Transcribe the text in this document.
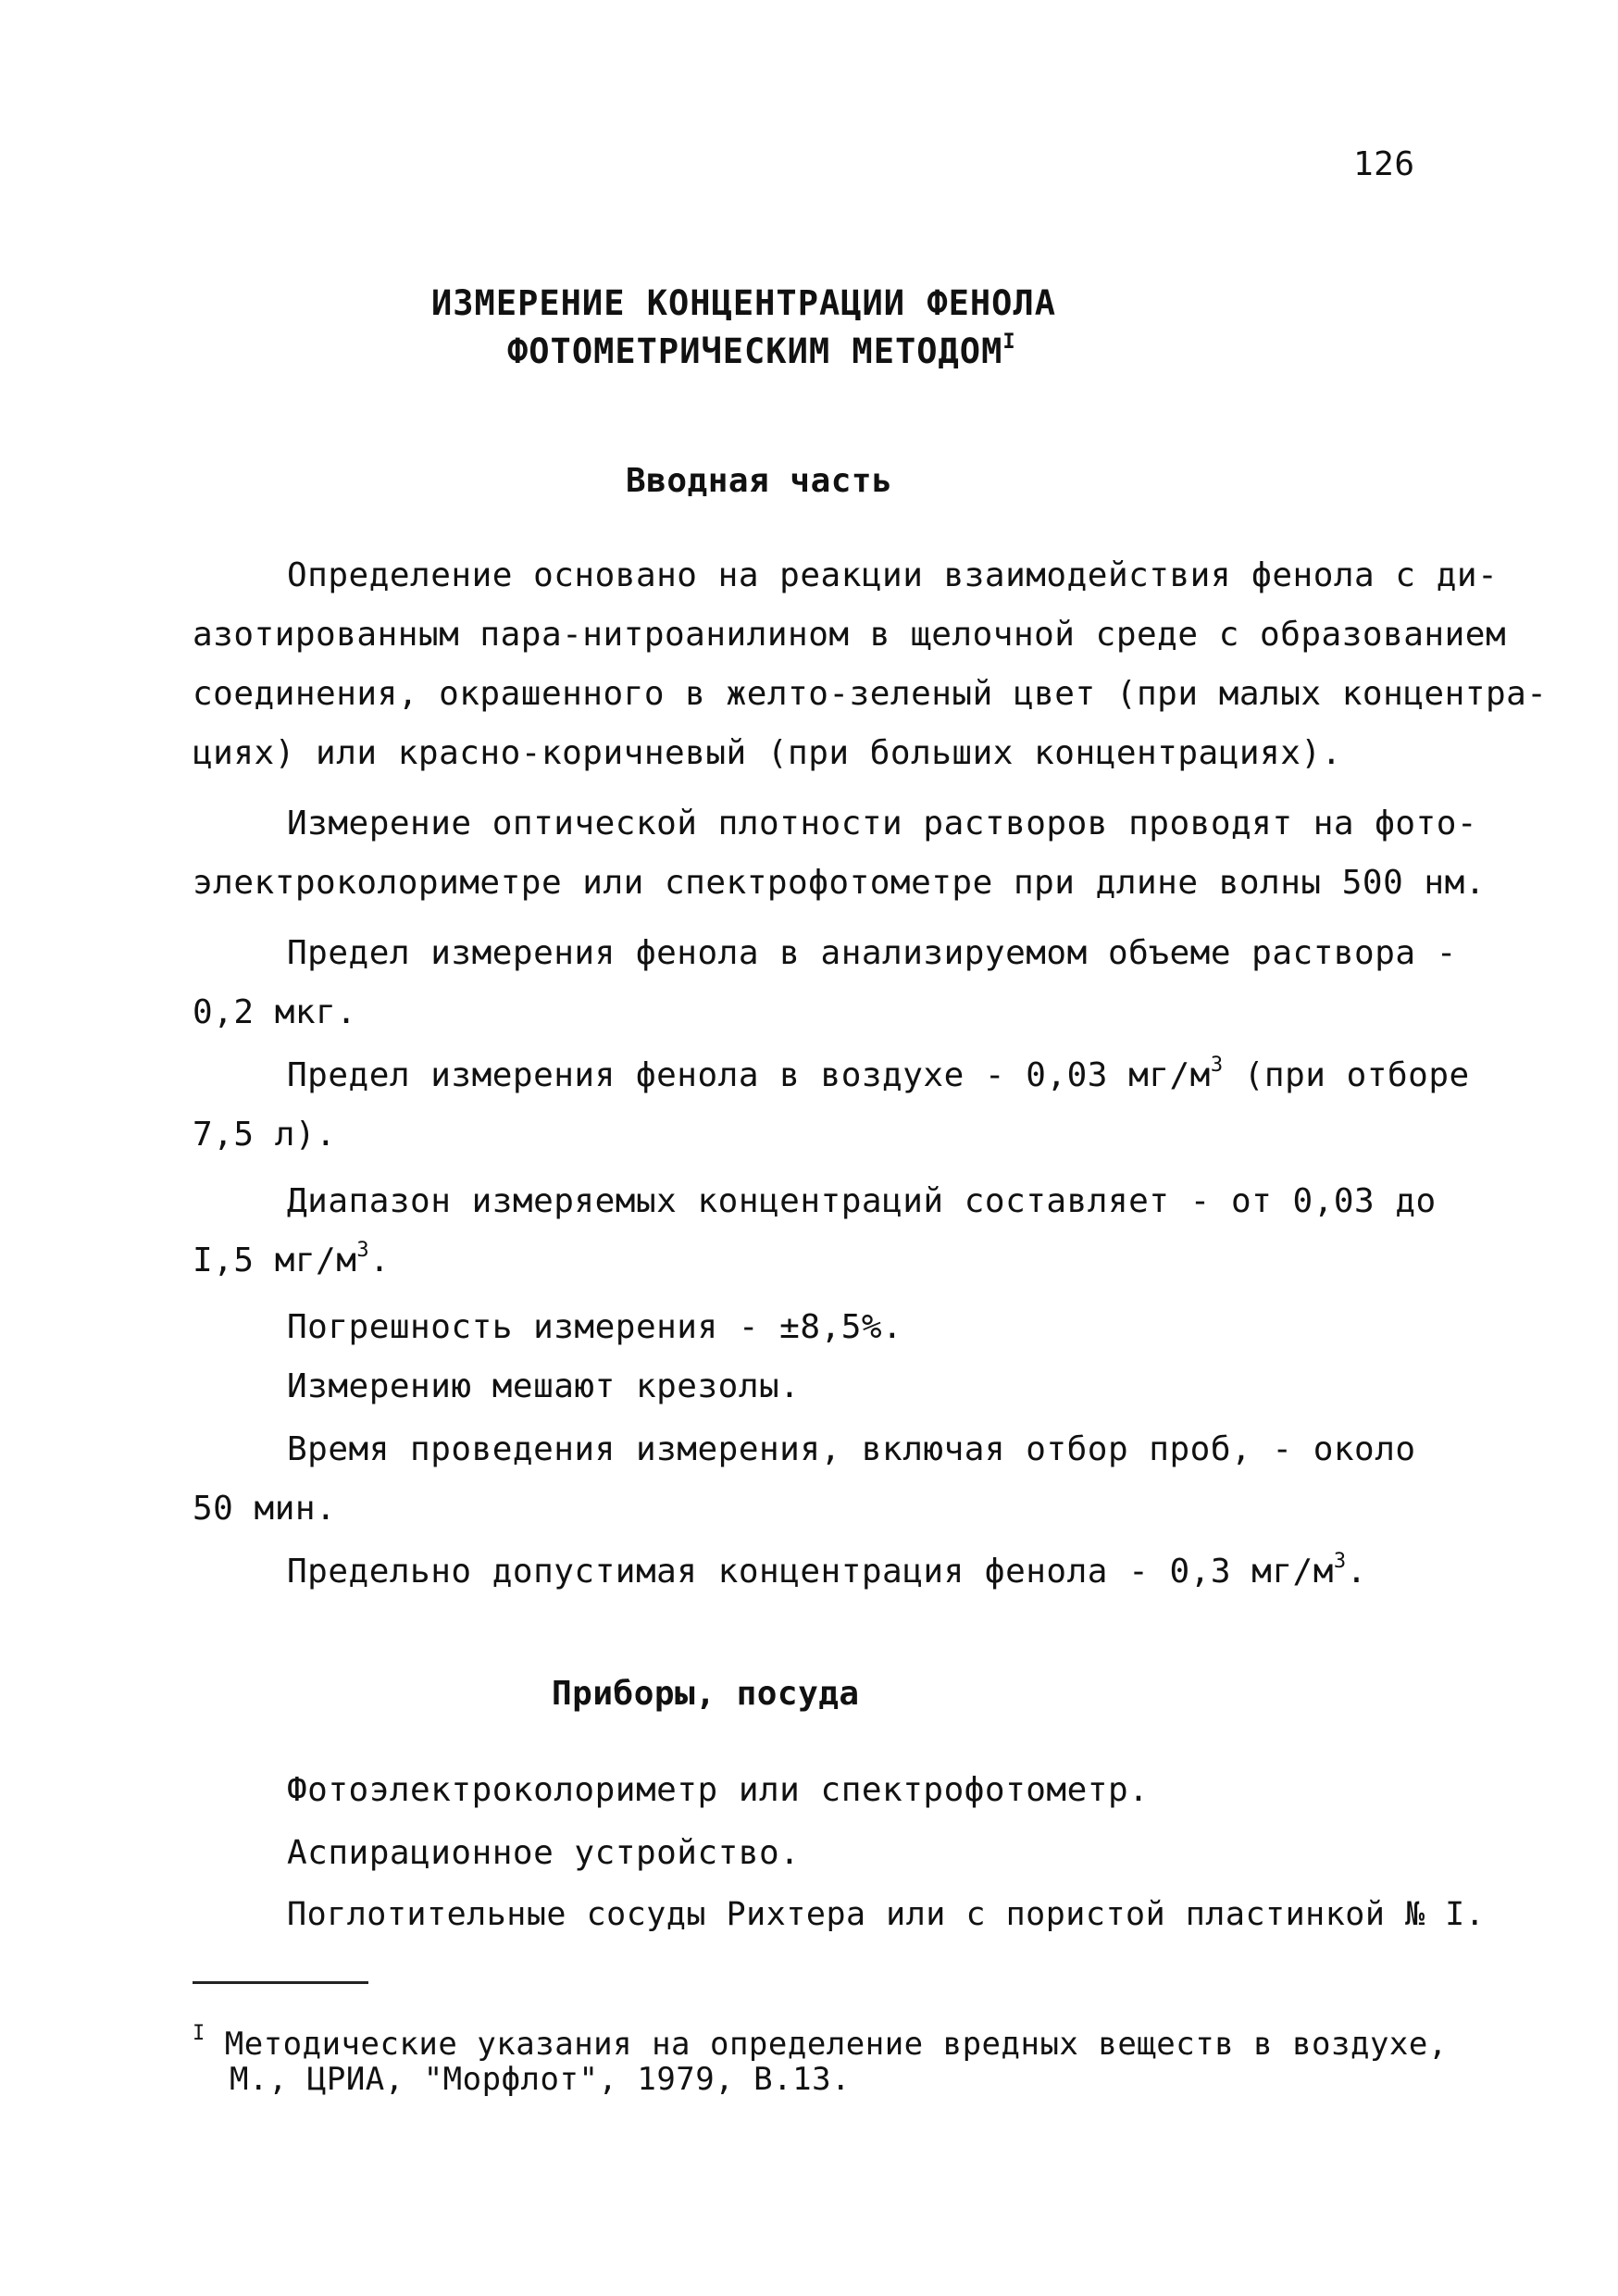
126
ИЗМЕРЕНИЕ КОНЦЕНТРАЦИИ ФЕНОЛА
ФОТОМЕТРИЧЕСКИМ $МЕТОДОМ^I$
Вводная часть
Определение основано на реакции взаимодействия фенола с ди-
азотированным пара-нитроанилином в щелочной среде с образованием
соединения, окрашенного в желто-зеленый цвет (при малых концентра-
циях) или красно-коричневый (при больших концентрациях).
Измерение оптической плотности растворов проводят на фото-
электроколориметре или спектрофотометре при длине волны 500 нм.
Предел измерения фенола в анализируемом объеме раствора -
0,2 мкг.
Предел измерения фенола в воздухе - 0,03 $мг/м^3$ (при отборе
7,5 л).
Диапазон измеряемых концентраций составляет - от 0,03 до
I,5 $мг/м^3$.
Погрешность измерения - ±8,5%.
Измерению мешают крезолы.
Время проведения измерения, включая отбор проб, - около
50 мин.
Предельно допустимая концентрация фенола - 0,3 $мг/м^3$.
Приборы, посуда
Фотоэлектроколориметр или спектрофотометр.
Аспирационное устройство.
Поглотительные сосуды Рихтера или с пористой пластинкой № I.
$^I$ Методические указания на определение вредных веществ в воздухе,
М., ЦРИА, "Морфлот", 1979, В.13.
